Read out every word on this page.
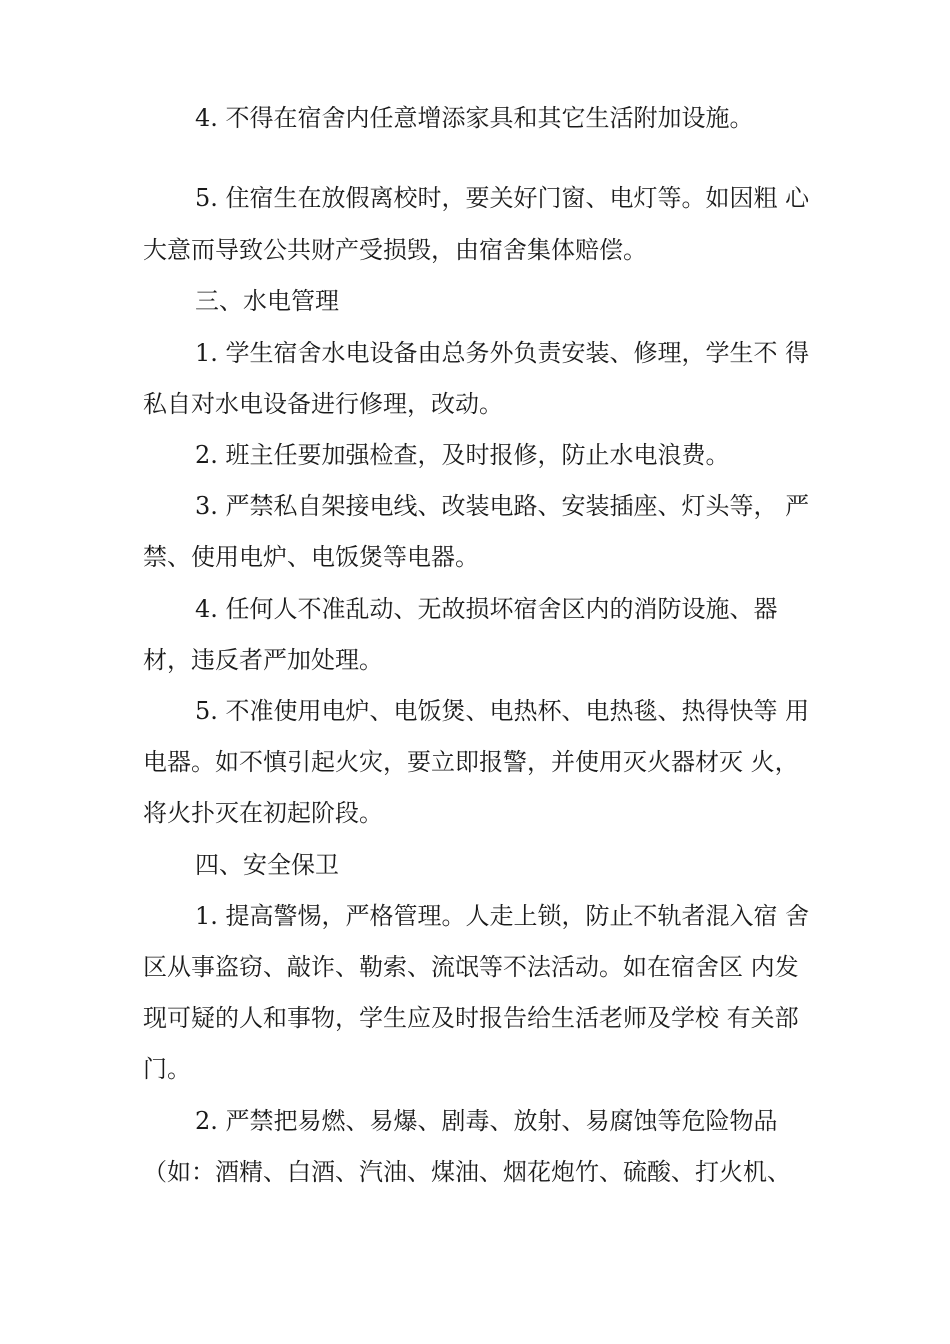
4. 不得在宿舍内任意增添家具和其它生活附加设施。
5. 住宿生在放假离校时，要关好门窗、电灯等。如因粗 心
大意而导致公共财产受损毁，由宿舍集体赔偿。
三、水电管理
1. 学生宿舍水电设备由总务外负责安装、修理，学生不 得
私自对水电设备进行修理，改动。
2. 班主任要加强检查，及时报修，防止水电浪费。
3. 严禁私自架接电线、改装电路、安装插座、灯头等， 严
禁、使用电炉、电饭煲等电器。
4. 任何人不准乱动、无故损坏宿舍区内的消防设施、器
材，违反者严加处理。
5. 不准使用电炉、电饭煲、电热杯、电热毯、热得快等 用
电器。如不慎引起火灾，要立即报警，并使用灭火器材灭 火，
将火扑灭在初起阶段。
四、安全保卫
1. 提高警惕，严格管理。人走上锁，防止不轨者混入宿 舍
区从事盗窃、敲诈、勒索、流氓等不法活动。如在宿舍区 内发
现可疑的人和事物，学生应及时报告给生活老师及学校 有关部
门。
2. 严禁把易燃、易爆、剧毒、放射、易腐蚀等危险物品
（如：酒精、白酒、汽油、煤油、烟花炮竹、硫酸、打火机、
